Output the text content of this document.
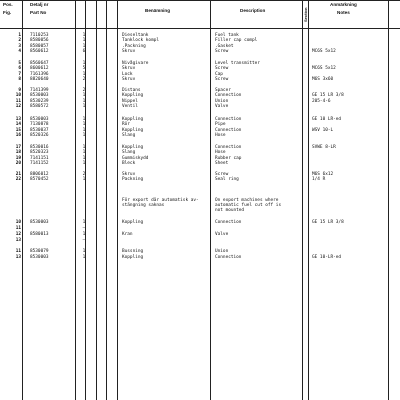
Pos.
Fig.
Detalj nr
Part No	Benämning	Description	Section
Anmärkning
Notes
1 7110253	1	Dieseltank	Fuel tank
2 8580056	1	Tanklock kompl	Filler cap compl
3 8580057	1	.Packning	.Gasket
4 8560612	6	Skruv	Screw	MC6S 5x12
5 8560647	1	Nivågivare	Level transmitter
6 8600612	5	Skruv	Screw	MC6S 5x12
7 7161396	1	Lock	Cap
8 8820640	2	Skruv	Screw	M6S 3x60
9 7141399	2	Distans	Spacer
10 8530003	1	Koppling	Connection	GE 15 LR 3/8
11 8530239	1	Nippel	Union	205-4-6
12 8580572	1	Ventil	Valve
13 8530003	1	Koppling	Connection	GE 10 LR-ed
14 7130878	1	Rör	Pipe
15 8530037	1	Koppling	Connection	WSV 10-L
16 8520326	1	Slang	Hose
17 8530016	1	Koppling	Connection	SVWE 8-LR
18 8520323	1	Slang	Hose
19 7141151	1	Gummiskydd	Rubber cap
20 7141152	1	Bleck	Sheet
21 8806012	2	Skruv	Screw	M6S 6x12
22 8570452	1	Packning	Seal ring	1/4 R
För export där automatisk av-
stängning saknas
On export machines where
automatic fuel cut off is
not mounted
10 8530003	1	Koppling	Connection	GE 15 LR 3/8
11	–
12 8580013	1	Kran	Valve
13	–
11 8530079	1	Bussning	Union
13 8530003	1	Koppling	Connection	GE 10-LR-ed
